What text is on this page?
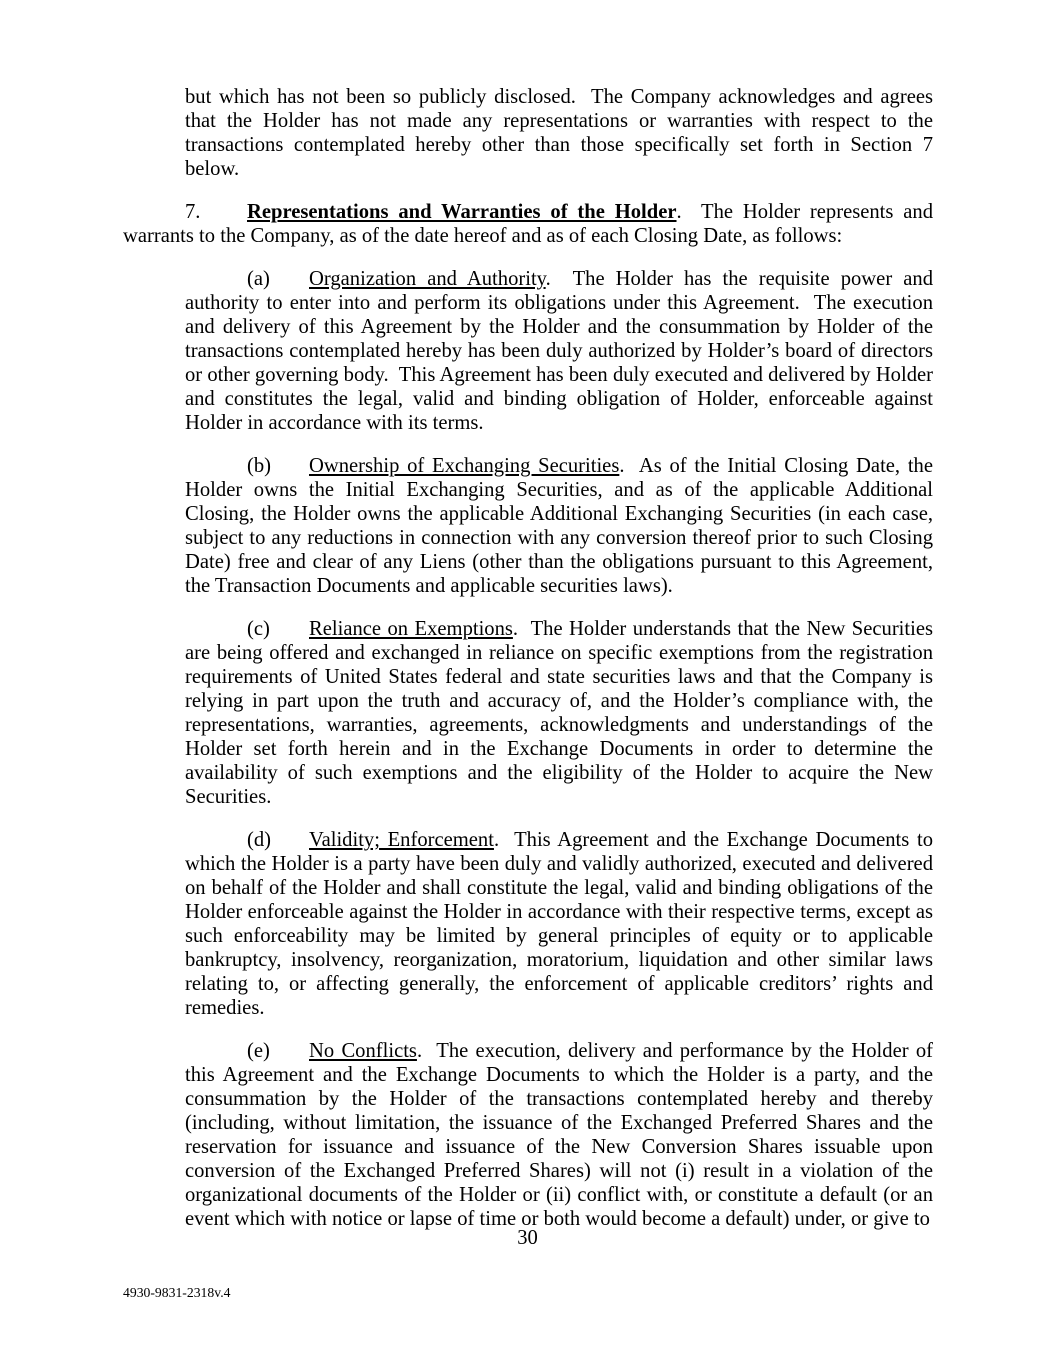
but which has not been so publicly disclosed.  The Company acknowledges and agrees that the Holder has not made any representations or warranties with respect to the transactions contemplated hereby other than those specifically set forth in Section 7 below.

7. Representations and Warranties of the Holder.  The Holder represents and warrants to the Company, as of the date hereof and as of each Closing Date, as follows:

(a) Organization and Authority.  The Holder has the requisite power and authority to enter into and perform its obligations under this Agreement.  The execution and delivery of this Agreement by the Holder and the consummation by Holder of the transactions contemplated hereby has been duly authorized by Holder’s board of directors or other governing body.  This Agreement has been duly executed and delivered by Holder and constitutes the legal, valid and binding obligation of Holder, enforceable against Holder in accordance with its terms.

(b) Ownership of Exchanging Securities.  As of the Initial Closing Date, the Holder owns the Initial Exchanging Securities, and as of the applicable Additional Closing, the Holder owns the applicable Additional Exchanging Securities (in each case, subject to any reductions in connection with any conversion thereof prior to such Closing Date) free and clear of any Liens (other than the obligations pursuant to this Agreement, the Transaction Documents and applicable securities laws).

(c) Reliance on Exemptions.  The Holder understands that the New Securities are being offered and exchanged in reliance on specific exemptions from the registration requirements of United States federal and state securities laws and that the Company is relying in part upon the truth and accuracy of, and the Holder’s compliance with, the representations, warranties, agreements, acknowledgments and understandings of the Holder set forth herein and in the Exchange Documents in order to determine the availability of such exemptions and the eligibility of the Holder to acquire the New Securities.

(d) Validity; Enforcement.  This Agreement and the Exchange Documents to which the Holder is a party have been duly and validly authorized, executed and delivered on behalf of the Holder and shall constitute the legal, valid and binding obligations of the Holder enforceable against the Holder in accordance with their respective terms, except as such enforceability may be limited by general principles of equity or to applicable bankruptcy, insolvency, reorganization, moratorium, liquidation and other similar laws relating to, or affecting generally, the enforcement of applicable creditors’ rights and remedies.

(e) No Conflicts.  The execution, delivery and performance by the Holder of this Agreement and the Exchange Documents to which the Holder is a party, and the consummation by the Holder of the transactions contemplated hereby and thereby (including, without limitation, the issuance of the Exchanged Preferred Shares and the reservation for issuance and issuance of the New Conversion Shares issuable upon conversion of the Exchanged Preferred Shares) will not (i) result in a violation of the organizational documents of the Holder or (ii) conflict with, or constitute a default (or an event which with notice or lapse of time or both would become a default) under, or give to

30
4930-9831-2318v.4
